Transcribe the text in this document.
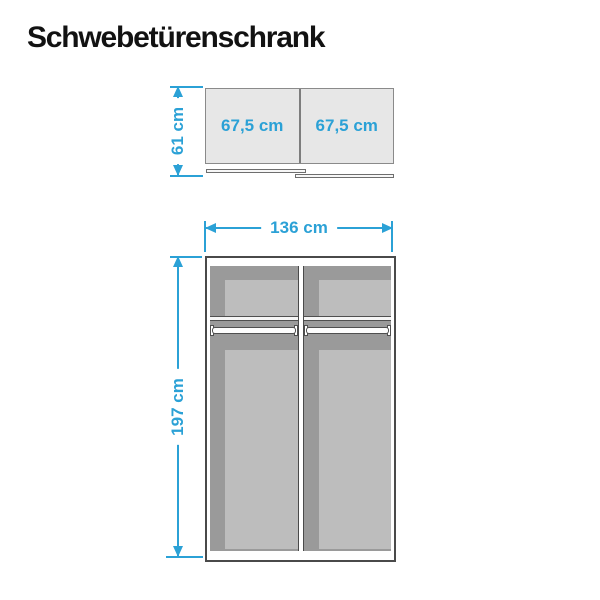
Schwebetürenschrank
61 cm 67,5 cm 67,5 cm
136 cm
197 cm
